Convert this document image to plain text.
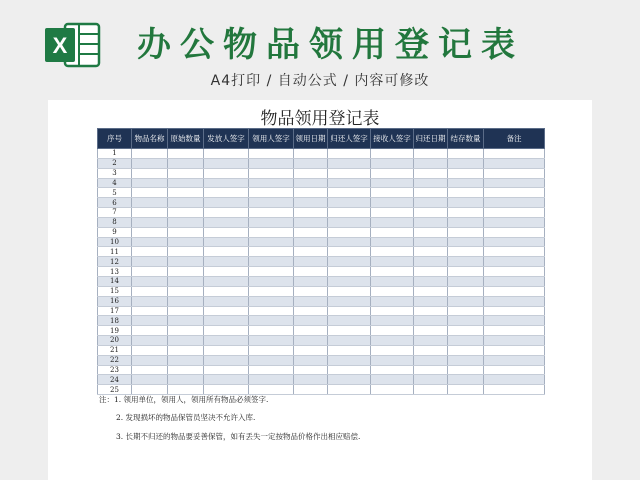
X 办公物品领用登记表
A4打印 / 自动公式 / 内容可修改
物品领用登记表
序号	物品名称	原始数量	发放人签字	领用人签字	领用日期	归还人签字	接收人签字	归还日期	结存数量	备注
1										
2										
3										
4										
5										
6										
7										
8										
9										
10										
11										
12										
13										
14										
15										
16										
17										
18										
19										
20										
21										
22										
23										
24										
25										
注：1. 领用单位，领用人，领用所有物品必须签字.
2. 发现损坏的物品保管员坚决不允许入库.
3. 长期不归还的物品要妥善保管，如有丢失一定按物品价格作出相应赔偿.
